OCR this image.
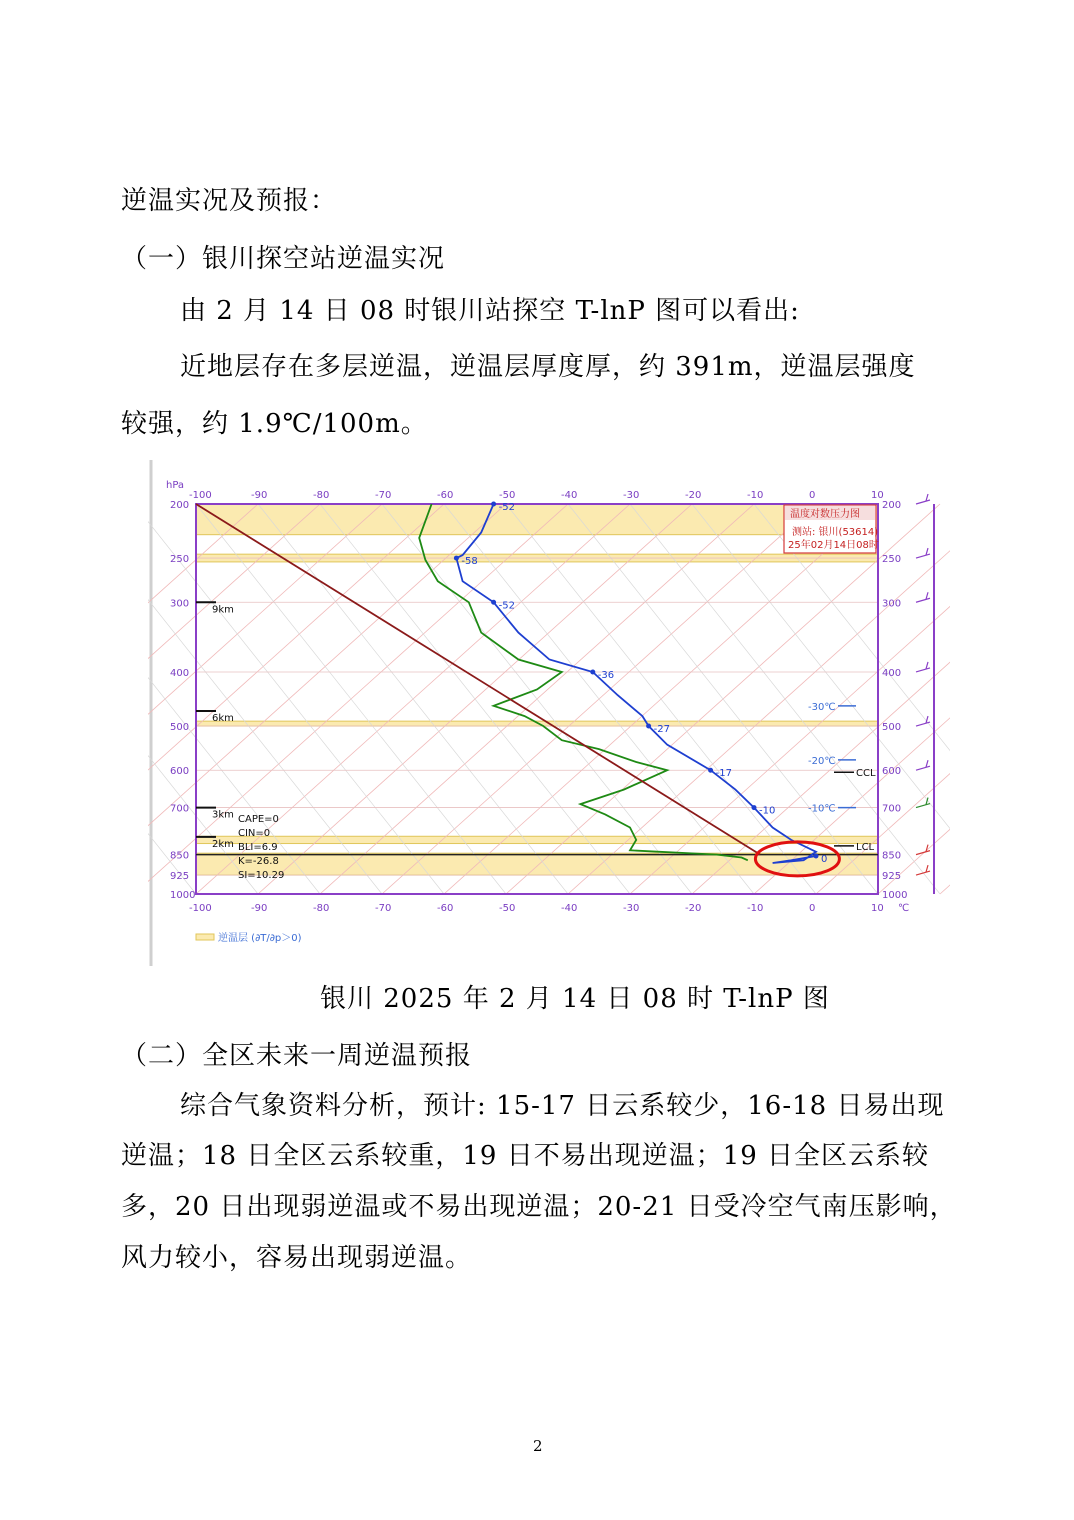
逆温实况及预报：
（一）银川探空站逆温实况
由 2 月 14 日 08 时银川站探空 T-lnP 图可以看出:
近地层存在多层逆温，逆温层厚度厚，约 391m，逆温层强度
较强，约 1.9℃/100m。
hPa
-100
-100
-90
-90
-80
-80
-70
-70
-60
-60
-50
-50
-40
-40
-30
-30
-20
-20
-10
-10
0
0
10
10 ℃
200	200
250	250
300	300
400	400
500	500
600	600
700	700
850	850
925	925
1000	1000
9km
6km
3km
2km
-30℃
-20℃
-10℃
CCL
LCL
-52
-58
-52
-36
-27
-17
-10
0
CAPE=0
CIN=0
BLI=6.9
K=-26.8
SI=10.29
温度对数压力图
测站: 银川(53614)
25年02月14日08时
逆温层 (∂T/∂p＞0)
银川 2025 年 2 月 14 日 08 时 T-lnP 图
（二）全区未来一周逆温预报
综合气象资料分析，预计: 15-17 日云系较少，16-18 日易出现
逆温；18 日全区云系较重，19 日不易出现逆温；19 日全区云系较
多，20 日出现弱逆温或不易出现逆温；20-21 日受冷空气南压影响，
风力较小，容易出现弱逆温。
2
